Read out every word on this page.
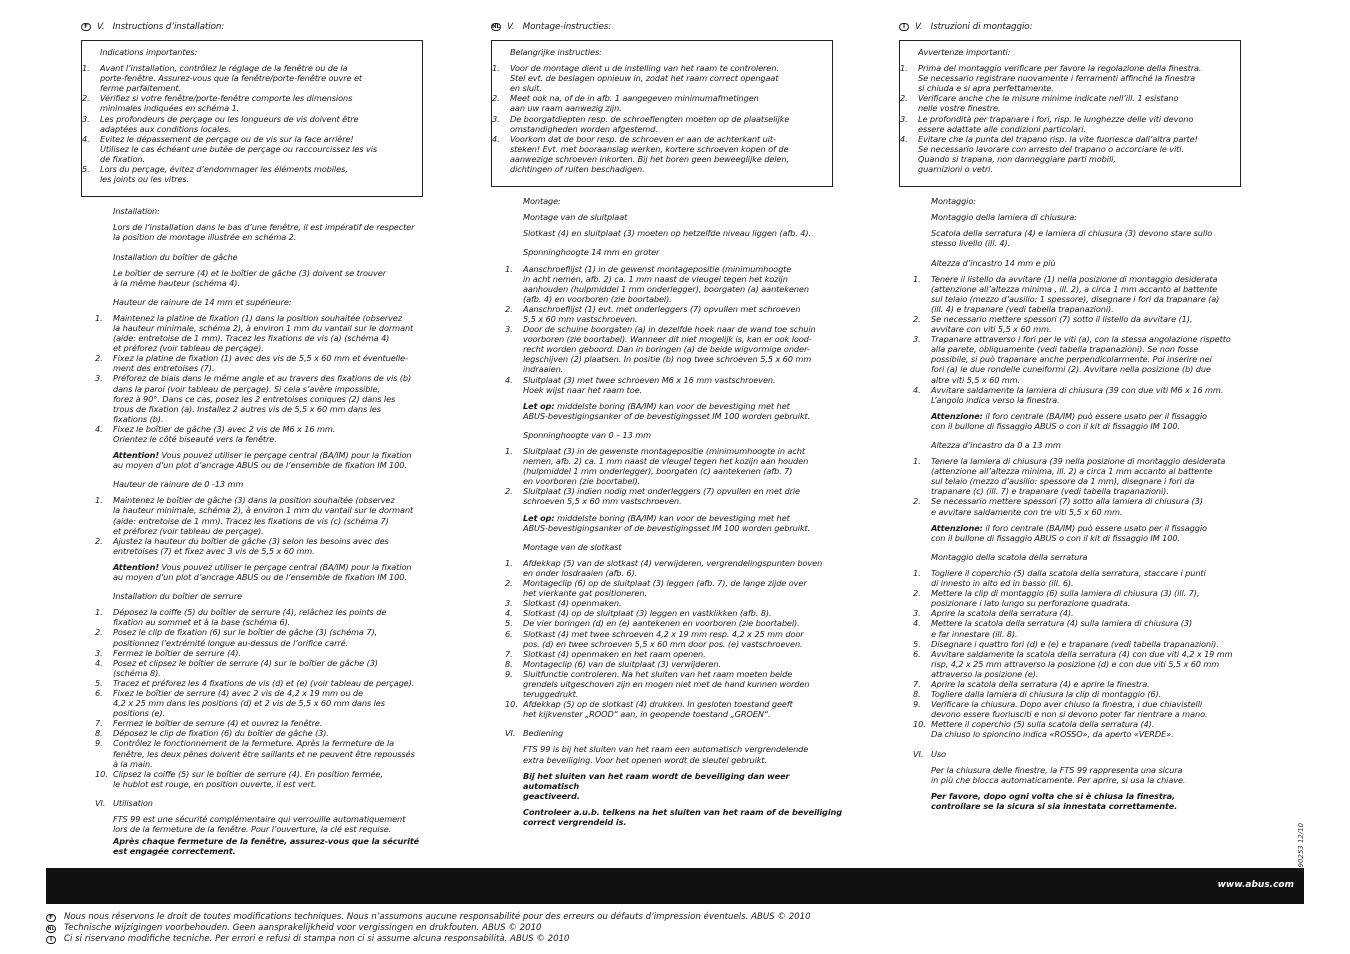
F	V. Instructions d’installation:
Indications importantes:
1.	Avant l’installation, contrôlez le réglage de la fenêtre ou de la
porte-fenêtre. Assurez-vous que la fenêtre/porte-fenêtre ouvre et
ferme parfaitement.
2.	Vérifiez si votre fenêtre/porte-fenêtre comporte les dimensions
minimales indiquées en schéma 1.
3.	Les profondeurs de perçage ou les longueurs de vis doivent être
adaptées aux conditions locales.
4.	Evitez le dépassement de perçage ou de vis sur la face arrière!
Utilisez le cas échéant une butée de perçage ou raccourcissez les vis
de fixation.
5.	Lors du perçage, évitez d’endommager les éléments mobiles,
les joints ou les vitres.
Installation:
Lors de l’installation dans le bas d’une fenêtre, il est impératif de respecter
la position de montage illustrée en schéma 2.
Installation du boîtier de gâche
Le boîtier de serrure (4) et le boîtier de gâche (3) doivent se trouver
à la même hauteur (schéma 4).
Hauteur de rainure de 14 mm et supérieure:
1.	Maintenez la platine de fixation (1) dans la position souhaitée (observez
la hauteur minimale, schéma 2), à environ 1 mm du vantail sur le dormant
(aide: entretoise de 1 mm). Tracez les fixations de vis (a) (schéma 4)
et préforez (voir tableau de perçage).
2.	Fixez la platine de fixation (1) avec des vis de 5,5 x 60 mm et éventuelle-
ment des entretoises (7).
3.	Préforez de biais dans le même angle et au travers des fixations de vis (b)
dans la paroi (voir tableau de perçage). Si cela s’avère impossible,
forez à 90°. Dans ce cas, posez les 2 entretoises coniques (2) dans les
trous de fixation (a). Installez 2 autres vis de 5,5 x 60 mm dans les
fixations (b).
4.	Fixez le boîtier de gâche (3) avec 2 vis de M6 x 16 mm.
Orientez le côté biseauté vers la fenêtre.
Attention! Vous pouvez utiliser le perçage central (BA/IM) pour la fixation
au moyen d’un plot d’ancrage ABUS ou de l’ensemble de fixation IM 100.
Hauteur de rainure de 0 -13 mm
1.	Maintenez le boîtier de gâche (3) dans la position souhaitée (observez
la hauteur minimale, schéma 2), à environ 1 mm du vantail sur le dormant
(aide: entretoise de 1 mm). Tracez les fixations de vis (c) (schéma 7)
et préforez (voir tableau de perçage).
2.	Ajustez la hauteur du boîtier de gâche (3) selon les besoins avec des
entretoises (7) et fixez avec 3 vis de 5,5 x 60 mm.
Attention! Vous pouvez utiliser le perçage central (BA/IM) pour la fixation
au moyen d’un plot d’ancrage ABUS ou de l’ensemble de fixation IM 100.
Installation du boîtier de serrure
1.	Déposez la coiffe (5) du boîtier de serrure (4), relâchez les points de
fixation au sommet et à la base (schéma 6).
2.	Posez le clip de fixation (6) sur le boîtier de gâche (3) (schéma 7),
positionnez l’extrémité longue au-dessus de l’orifice carré.
3.	Fermez le boîtier de serrure (4).
4.	Posez et clipsez le boîtier de serrure (4) sur le boîtier de gâche (3)
(schéma 8).
5.	Tracez et préforez les 4 fixations de vis (d) et (e) (voir tableau de perçage).
6.	Fixez le boîtier de serrure (4) avec 2 vis de 4,2 x 19 mm ou de
4,2 x 25 mm dans les positions (d) et 2 vis de 5,5 x 60 mm dans les
positions (e).
7.	Fermez le boîtier de serrure (4) et ouvrez la fenêtre.
8.	Déposez le clip de fixation (6) du boîtier de gâche (3).
9.	Contrôlez le fonctionnement de la fermeture. Après la fermeture de la
fenêtre, les deux pênes doivent être saillants et ne peuvent être repoussés
à la main.
10. Clipsez la coiffe (5) sur le boîtier de serrure (4). En position fermée,
le hublot est rouge, en position ouverte, il est vert.
VI. Utilisation
FTS 99 est une sécurité complémentaire qui verrouille automatiquement
lors de la fermeture de la fenêtre. Pour l’ouverture, la clé est requise.
Après chaque fermeture de la fenêtre, assurez-vous que la sécurité
est engagée correctement.
NL V. Montage-instructies:
Belangrijke instructies:
1.	Voor de montage dient u de instelling van het raam te controleren.
Stel evt. de beslagen opnieuw in, zodat het raam correct opengaat
en sluit.
2.	Meet ook na, of de in afb. 1 aangegeven minimumafmetingen
aan uw raam aanwezig zijn.
3.	De boorgatdiepten resp. de schroeflengten moeten op de plaatselijke
omstandigheden worden afgestemd.
4.	Voorkom dat de boor resp. de schroeven er aan de achterkant uit-
steken! Evt. met booraanslag werken, kortere schroeven kopen of de
aanwezige schroeven inkorten. Bij het boren geen beweeglijke delen,
dichtingen of ruiten beschadigen.
Montage:
Montage van de sluitplaat
Slotkast (4) en sluitplaat (3) moeten op hetzelfde niveau liggen (afb. 4).
Sponninghoogte 14 mm en groter
1.	Aanschroeflijst (1) in de gewenst montagepositie (minimumhoogte
in acht nemen, afb. 2) ca. 1 mm naast de vleugel tegen het kozijn
aanhouden (hulpmiddel 1 mm onderlegger), boorgaten (a) aantekenen
(afb. 4) en voorboren (zie boortabel).
2.	Aanschroeflijst (1) evt. met onderleggers (7) opvullen met schroeven
5,5 x 60 mm vastschroeven.
3.	Door de schuine boorgaten (a) in dezelfde hoek naar de wand toe schuin
voorboren (zie boortabel). Wanneer dit niet mogelijk is, kan er ook lood-
recht worden geboord. Dan in boringen (a) de beide wigvormige onder-
legschijven (2) plaatsen. In positie (b) nog twee schroeven 5,5 x 60 mm
indraaien.
4.	Sluitplaat (3) met twee schroeven M6 x 16 mm vastschroeven.
Hoek wijst naar het raam toe.
Let op: middelste boring (BA/IM) kan voor de bevestiging met het
ABUS-bevestigingsanker of de bevestigingsset IM 100 worden gebruikt.
Sponninghoogte van 0 – 13 mm
1.	Sluitplaat (3) in de gewenste montagepositie (minimumhoogte in acht
nemen, afb. 2) ca. 1 mm naast de vleugel tegen het kozijn aan houden
(hulpmiddel 1 mm onderlegger), boorgaten (c) aantekenen (afb. 7)
en voorboren (zie boortabel).
2.	Sluitplaat (3) indien nodig met onderleggers (7) opvullen en met drie
schroeven 5,5 x 60 mm vastschroeven.
Let op: middelste boring (BA/IM) kan voor de bevestiging met het
ABUS-bevestigingsanker of de bevestigingsset IM 100 worden gebruikt.
Montage van de slotkast
1.	Afdekkap (5) van de slotkast (4) verwijderen, vergrendelingspunten boven
en onder losdraaien (afb. 6).
2.	Montageclip (6) op de sluitplaat (3) leggen (afb. 7), de lange zijde over
het vierkante gat positioneren.
3.	Slotkast (4) openmaken.
4.	Slotkast (4) op de sluitplaat (3) leggen en vastklikken (afb. 8).
5.	De vier boringen (d) en (e) aantekenen en voorboren (zie boortabel).
6.	Slotkast (4) met twee schroeven 4,2 x 19 mm resp. 4,2 x 25 mm door
pos. (d) en twee schroeven 5,5 x 60 mm door pos. (e) vastschroeven.
7.	Slotkast (4) openmaken en het raam openen.
8.	Montageclip (6) van de sluitplaat (3) verwijderen.
9.	Sluitfunctie controleren. Na het sluiten van het raam moeten beide
grendels uitgeschoven zijn en mogen niet met de hand kunnen worden
teruggedrukt.
10. Afdekkap (5) op de slotkast (4) drukken. In gesloten toestand geeft
het kijkvenster „ROOD“ aan, in geopende toestand „GROEN“.
VI. Bediening
FTS 99 is bij het sluiten van het raam een automatisch vergrendelende
extra beveiliging. Voor het openen wordt de sleutel gebruikt.
Bij het sluiten van het raam wordt de beveiliging dan weer automatisch
geactiveerd.
Controleer a.u.b. telkens na het sluiten van het raam of de beveiliging
correct vergrendeld is.
I	V. Istruzioni di montaggio:
Avvertenze importanti:
1.	Prima del montaggio verificare per favore la regolazione della finestra.
Se necessario registrare nuovamente i ferramenti affinché la finestra
si chiuda e si apra perfettamente.
2.	Verificare anche che le misure minime indicate nell’ill. 1 esistano
nelle vostre finestre.
3.	Le profondità per trapanare i fori, risp. le lunghezze delle viti devono
essere adattate alle condizioni particolari.
4.	Evitare che la punta del trapano risp. la vite fuoriesca dall’altra parte!
Se necessario lavorare con arresto del trapano o accorciare le viti.
Quando si trapana, non danneggiare parti mobili,
guarnizioni o vetri.
Montaggio:
Montaggio della lamiera di chiusura:
Scatola della serratura (4) e lamiera di chiusura (3) devono stare sullo
stesso livello (ill. 4).
Altezza d’incastro 14 mm e più
1.	Tenere il listello da avvitare (1) nella posizione di montaggio desiderata
(attenzione all’altezza minima , ill. 2), a circa 1 mm accanto al battente
sul telaio (mezzo d’ausilio: 1 spessore), disegnare i fori da trapanare (a)
(ill. 4) e trapanare (vedi tabella trapanazioni).
2.	Se necessario mettere spessori (7) sotto il listello da avvitare (1),
avvitare con viti 5,5 x 60 mm.
3.	Trapanare attraverso i fori per le viti (a), con la stessa angolazione rispetto
alla parete, obliquamente (vedi tabella trapanazioni). Se non fosse
possibile, si può trapanare anche perpendicolarmente. Poi inserire nei
fori (a) le due rondelle cuneiformi (2). Avvitare nella posizione (b) due
altre viti 5,5 x 60 mm.
4.	Avvitare saldamente la lamiera di chiusura (39 con due viti M6 x 16 mm.
L’angolo indica verso la finestra.
Attenzione: il foro centrale (BA/IM) può essere usato per il fissaggio
con il bullone di fissaggio ABUS o con il kit di fissaggio IM 100.
Altezza d’incastro da 0 a 13 mm
1.	Tenere la lamiera di chiusura (39 nella posizione di montaggio desiderata
(attenzione all’altezza minima, ill. 2) a circa 1 mm accanto al battente
sul telaio (mezzo d’ausilio: spessore da 1 mm), disegnare i fori da
trapanare (c) (ill. 7) e trapanare (vedi tabella trapanazioni).
2.	Se necessario mettere spessori (7) sotto alla lamiera di chiusura (3)
e avvitare saldamente con tre viti 5,5 x 60 mm.
Attenzione: il foro centrale (BA/IM) può essere usato per il fissaggio
con il bullone di fissaggio ABUS o con il kit di fissaggio IM 100.
Montaggio della scatola della serratura
1.	Togliere il coperchio (5) dalla scatola della serratura, staccare i punti
di innesto in alto ed in basso (ill. 6).
2.	Mettere la clip di montaggio (6) sulla lamiera di chiusura (3) (ill. 7),
posizionare i lato lungo su perforazione quadrata.
3.	Aprire la scatola della serratura (4).
4.	Mettere la scatola della serratura (4) sulla lamiera di chiusura (3)
e far innestare (ill. 8).
5.	Disegnare i quattro fori (d) e (e) e trapanare (vedi tabella trapanazioni).
6.	Avvitare saldamente la scatola della serratura (4) con due viti 4,2 x 19 mm
risp, 4,2 x 25 mm attraverso la posizione (d) e con due viti 5,5 x 60 mm
attraverso la posizione (e).
7.	Aprire la scatola della serratura (4) e aprire la finestra.
8.	Togliere dalla lamiera di chiusura la clip di montaggio (6).
9.	Verificare la chiusura. Dopo aver chiuso la finestra, i due chiavistelli
devono essere fuoriusciti e non si devono poter far rientrare a mano.
10. Mettere il coperchio (5) sulla scatola della serratura (4).
Da chiuso lo spioncino indica «ROSSO», da aperto «VERDE».
VI. Uso
Per la chiusura delle finestre, la FTS 99 rappresenta una sicura
in più che blocca automaticamente. Per aprire, si usa la chiave.
Per favore, dopo ogni volta che si è chiusa la finestra,
controllare se la sicura si sia innestata correttamente.
www.abus.com
390253 12/10
F	Nous nous réservons le droit de toutes modifications techniques. Nous n’assumons aucune responsabilité pour des erreurs ou défauts d’impression éventuels. ABUS © 2010
NL Technische wijzigingen voorbehouden. Geen aansprakelijkheid voor vergissingen en drukfouten. ABUS © 2010
I	Ci si riservano modifiche tecniche. Per errori e refusi di stampa non ci si assume alcuna responsabilità. ABUS © 2010
